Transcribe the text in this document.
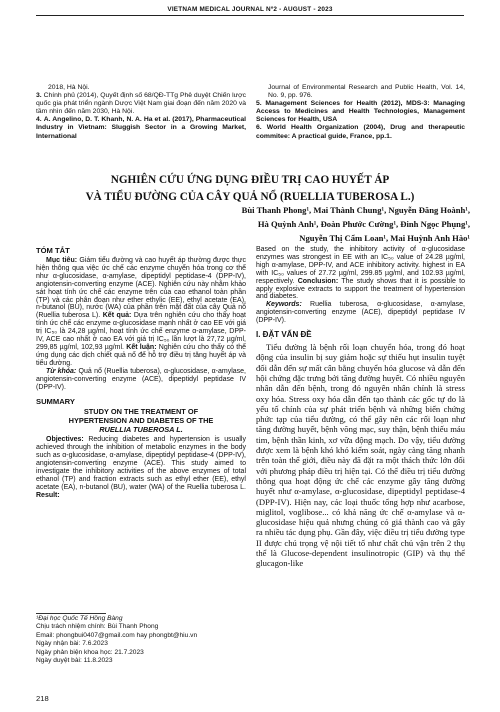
VIETNAM MEDICAL JOURNAL Nº2 - AUGUST - 2023

2018, Hà Nội.

3. Chính phủ (2014), Quyết định số 68/QĐ-TTg Phê duyệt Chiến lược quốc gia phát triển ngành Dược Việt Nam giai đoạn đến năm 2020 và tầm nhìn đến năm 2030, Hà Nội.

4. A. Angelino, D. T. Khanh, N. A. Ha et al. (2017), Pharmaceutical Industry in Vietnam: Sluggish Sector in a Growing Market, International

Journal of Environmental Research and Public Health, Vol. 14, No. 9, pp. 976.

5. Management Sciences for Health (2012), MDS-3: Managing Access to Medicines and Health Technologies, Management Sciences for Health, USA

6. World Health Organization (2004), Drug and therapeutic commitee: A practical guide, France, pp.1.

NGHIÊN CỨU ỨNG DỤNG ĐIỀU TRỊ CAO HUYẾT ÁP
VÀ TIỂU ĐƯỜNG CỦA CÂY QUẢ NỔ (RUELLIA TUBEROSA L.)
Bùi Thanh Phong¹, Mai Thành Chung¹, Nguyễn Đăng Hoành¹,
Hà Quỳnh Anh¹, Đoàn Phước Cường¹, Đinh Ngọc Phụng¹,
Nguyễn Thị Cẩm Loan¹, Mai Huỳnh Anh Hào¹
TÓM TẮT

Mục tiêu: Giám tiểu đường và cao huyết áp thường được thực hiện thông qua việc ức chế các enzyme chuyển hóa trong cơ thể như α-glucosidase, α-amylase, dipeptidyl peptidase-4 (DPP-IV), angiotensin-converting enzyme (ACE). Nghiên cứu này nhằm khảo sát hoạt tính ức chế các enzyme trên của cao ethanol toàn phần (TP) và các phân đoạn như ether ethylic (EE), ethyl acetate (EA), n-butanol (BU), nước (WA) của phần trên mặt đất của cây Quả nổ (Ruellia tuberosa L). Kết quả: Dựa trên nghiên cứu cho thấy hoạt tính ức chế các enzyme α-glucosidase mạnh nhất ở cao EE với giá trị IC₅₀ là 24,28 µg/ml, hoạt tính ức chế enzyme α-amylase, DPP-IV, ACE cao nhất ở cao EA với giá trị IC₅₀ lần lượt là 27,72 µg/ml, 299,85 µg/ml, 102,93 µg/ml. Kết luận: Nghiên cứu cho thấy có thể ứng dụng các dịch chiết quả nổ để hỗ trợ điều trị tăng huyết áp và tiểu đường.

Từ khóa: Quả nổ (Ruellia tuberosa), α-glucosidase, α-amylase, angiotensin-converting enzyme (ACE), dipeptidyl peptidase IV (DPP-IV).

SUMMARY
STUDY ON THE TREATMENT OF
HYPERTENSION AND DIABETES OF THE
RUELLIA TUBEROSA L.

Objectives: Reducing diabetes and hypertension is usually achieved through the inhibition of metabolic enzymes in the body such as α-glucosidase, α-amylase, dipeptidyl peptidase-4 (DPP-IV), angiotensin-converting enzyme (ACE). This study aimed to investigate the inhibitory activities of the above enzymes of total ethanol (TP) and fraction extracts such as ethyl ether (EE), ethyl acetate (EA), n-butanol (BU), water (WA) of the Ruellia tuberosa L. Result:

Based on the study, the inhibitory activity of α-glucosidase enzymes was strongest in EE with an IC₅₀ value of 24.28 µg/ml, high α-amylase, DPP-IV, and ACE inhibitory activity. highest in EA with IC₅₀ values of 27.72 µg/ml, 299.85 µg/ml, and 102.93 µg/ml, respectively. Conclusion: The study shows that it is possible to apply explosive extracts to support the treatment of hypertension and diabetes.

Keywords: Ruellia tuberosa, α-glucosidase, α-amylase, angiotensin-converting enzyme (ACE), dipeptidyl peptidase IV (DPP-IV).

I. ĐẶT VẤN ĐỀ

Tiểu đường là bệnh rối loạn chuyển hóa, trong đó hoạt động của insulin bị suy giảm hoặc sự thiếu hụt insulin tuyệt đối dẫn đến sự mất cân bằng chuyển hóa glucose và dẫn đến hội chứng đặc trưng bởi tăng đường huyết. Có nhiều nguyên nhân dẫn đến bệnh, trong đó nguyên nhân chính là stress oxy hóa. Stress oxy hóa dẫn đến tạo thành các gốc tự do là yếu tố chính của sự phát triển bệnh và những biến chứng phức tạp của tiểu đường, có thể gây nên các rối loạn như tăng đường huyết, bệnh võng mạc, suy thận, bệnh thiếu máu tim, bệnh thần kinh, xơ vữa động mạch. Do vậy, tiểu đường được xem là bệnh khó khó kiểm soát, ngày càng tăng nhanh trên toàn thế giới, điều này đã đặt ra một thách thức lớn đối với phương pháp điều trị hiện tại. Có thể điều trị tiểu đường thông qua hoạt động ức chế các enzyme gây tăng đường huyết như α-amylase, α-glucosidase, dipeptidyl peptidase-4 (DPP-IV). Hiện nay, các loại thuốc tổng hợp như acarbose, miglitol, voglibose... có khả năng ức chế α-amylase và α-glucosidase hiệu quả nhưng chúng có giá thành cao và gây ra nhiều tác dụng phụ. Gần đây, việc điều trị tiểu đường type II được chú trọng vệ nội tiết tố như chất chủ vận trên 2 thụ thể là Glucose-dependent insulinotropic (GIP) và thụ thể glucagon-like

¹Đại học Quốc Tế Hồng Bàng
Chịu trách nhiệm chính: Bùi Thanh Phong
Email: phongbui0407@gmail.com hay phongbt@hiu.vn
Ngày nhận bài: 7.6.2023
Ngày phản biện khoa học: 21.7.2023
Ngày duyệt bài: 11.8.2023
218
